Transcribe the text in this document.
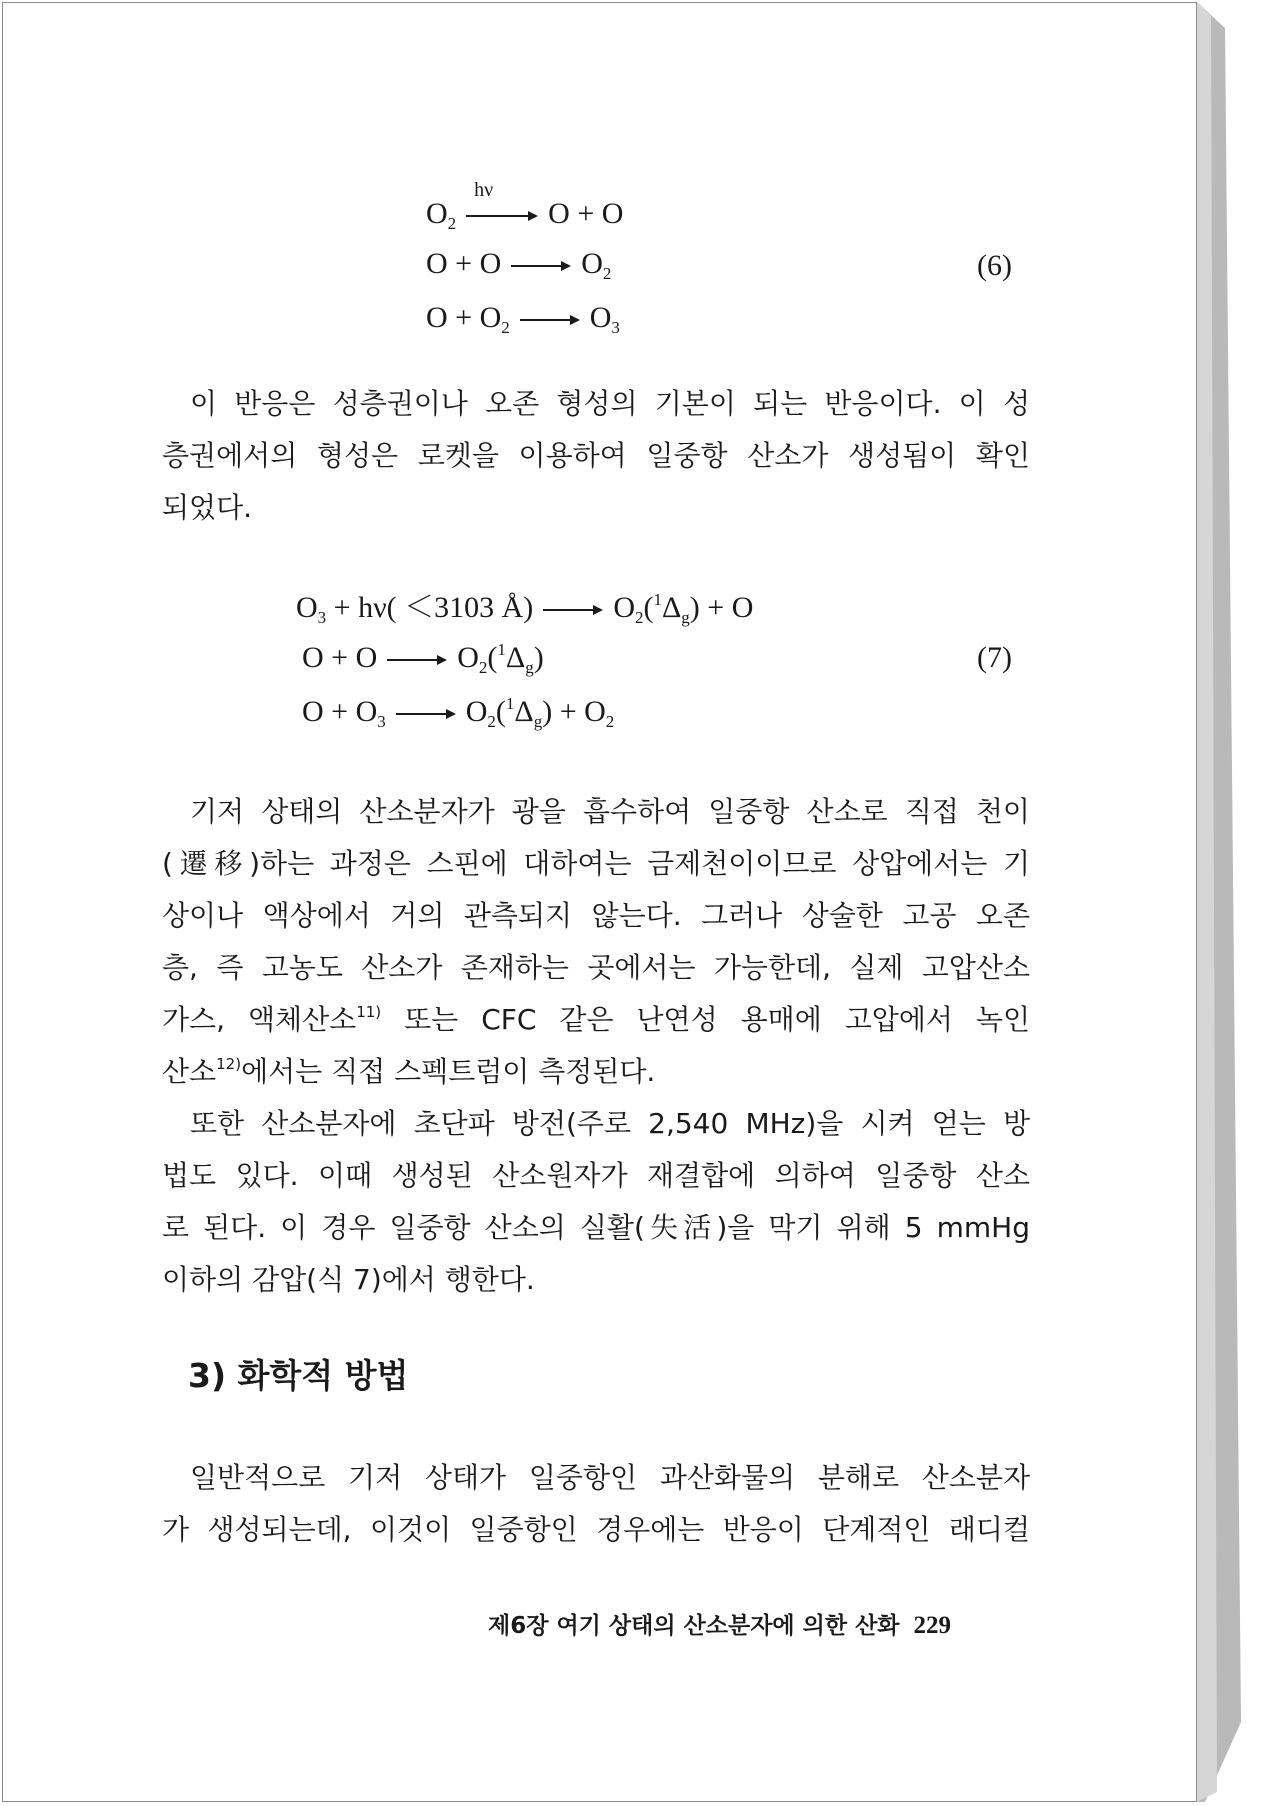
$O_2$
hν
O + O
O + O	$O_2$
$O + O_2$	$O_3$
(6)
이 반응은 성층권이나 오존 형성의 기본이 되는 반응이다. 이 성
층권에서의 형성은 로켓을 이용하여 일중항 산소가 생성됨이 확인
되었다.
$O_3 + h\nu( <3103$ Å)	$O_2(^1\Delta_g) + O$
O + O	$O_2(^1\Delta_g)$
$O + O_3$	$O_2(^1\Delta_g) + O_2$
(7)
기저 상태의 산소분자가 광을 흡수하여 일중항 산소로 직접 천이
(遷移)하는 과정은 스핀에 대하여는 금제천이이므로 상압에서는 기
상이나 액상에서 거의 관측되지 않는다. 그러나 상술한 고공 오존
층, 즉 고농도 산소가 존재하는 곳에서는 가능한데, 실제 고압산소
가스, 액체산소$^{11)}$ 또는 CFC 같은 난연성 용매에 고압에서 녹인
산소$^{12)}$에서는 직접 스펙트럼이 측정된다.
또한 산소분자에 초단파 방전(주로 2,540 MHz)을 시켜 얻는 방
법도 있다. 이때 생성된 산소원자가 재결합에 의하여 일중항 산소
로 된다. 이 경우 일중항 산소의 실활(失活)을 막기 위해 5 mmHg
이하의 감압(식 7)에서 행한다.
3) 화학적 방법
일반적으로 기저 상태가 일중항인 과산화물의 분해로 산소분자
가 생성되는데, 이것이 일중항인 경우에는 반응이 단계적인 래디컬
제6장 여기 상태의 산소분자에 의한 산화 229
